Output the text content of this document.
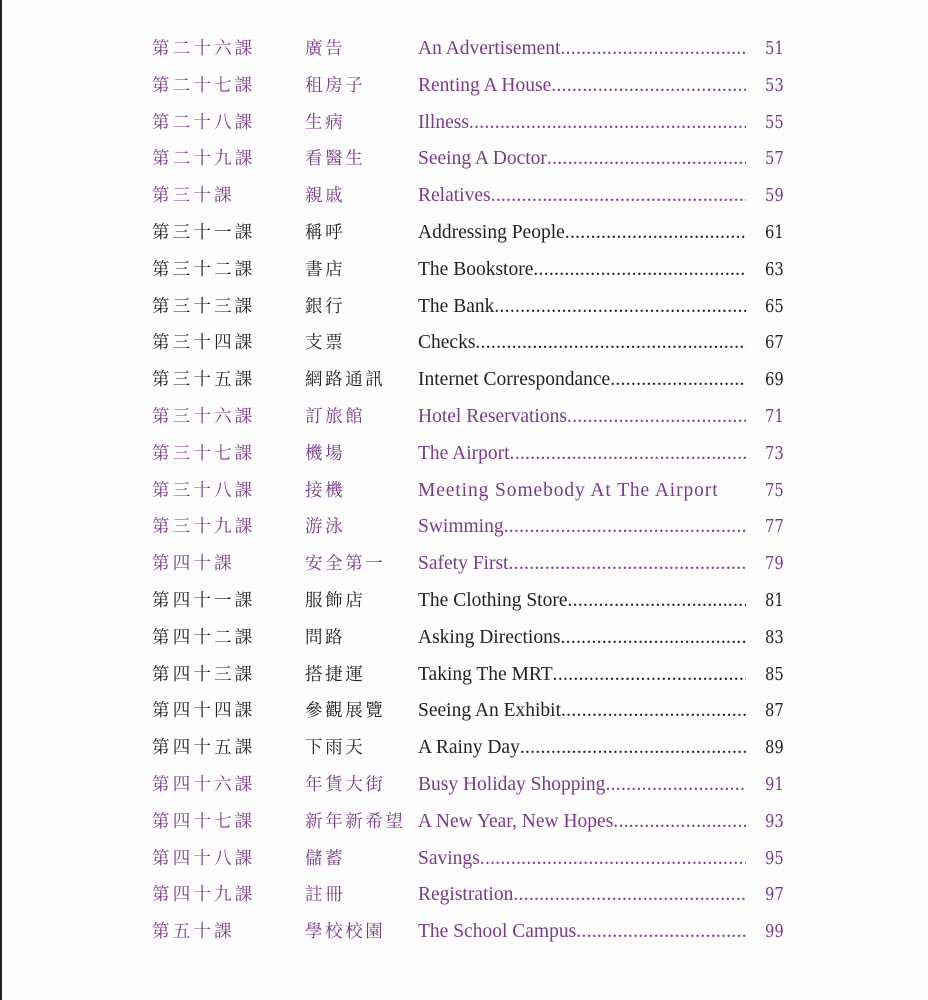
第二十六課	廣告	An Advertisement .....	51
第二十七課	租房子	Renting A House .....	53
第二十八課	生病	Illness .....	55
第二十九課	看醫生	Seeing A Doctor .....	57
第三十課	親戚	Relatives .....	59
第三十一課	稱呼	Addressing People .....	61
第三十二課	書店	The Bookstore .....	63
第三十三課	銀行	The Bank .....	65
第三十四課	支票	Checks .....	67
第三十五課	網路通訊 Internet Correspondance .....	69
第三十六課	訂旅館	Hotel Reservations .....	71
第三十七課	機場	The Airport .....	73
第三十八課	接機	Meeting Somebody At The Airport	75
第三十九課	游泳	Swimming .....	77
第四十課	安全第一 Safety First .....	79
第四十一課	服飾店	The Clothing Store .....	81
第四十二課	問路	Asking Directions .....	83
第四十三課	搭捷運	Taking The MRT .....	85
第四十四課	參觀展覽 Seeing An Exhibit .....	87
第四十五課	下雨天	A Rainy Day .....	89
第四十六課	年貨大街 Busy Holiday Shopping .....	91
第四十七課	新年新希望 A New Year, New Hopes .....	93
第四十八課	儲蓄	Savings .....	95
第四十九課	註冊	Registration .....	97
第五十課	學校校園 The School Campus .....	99
